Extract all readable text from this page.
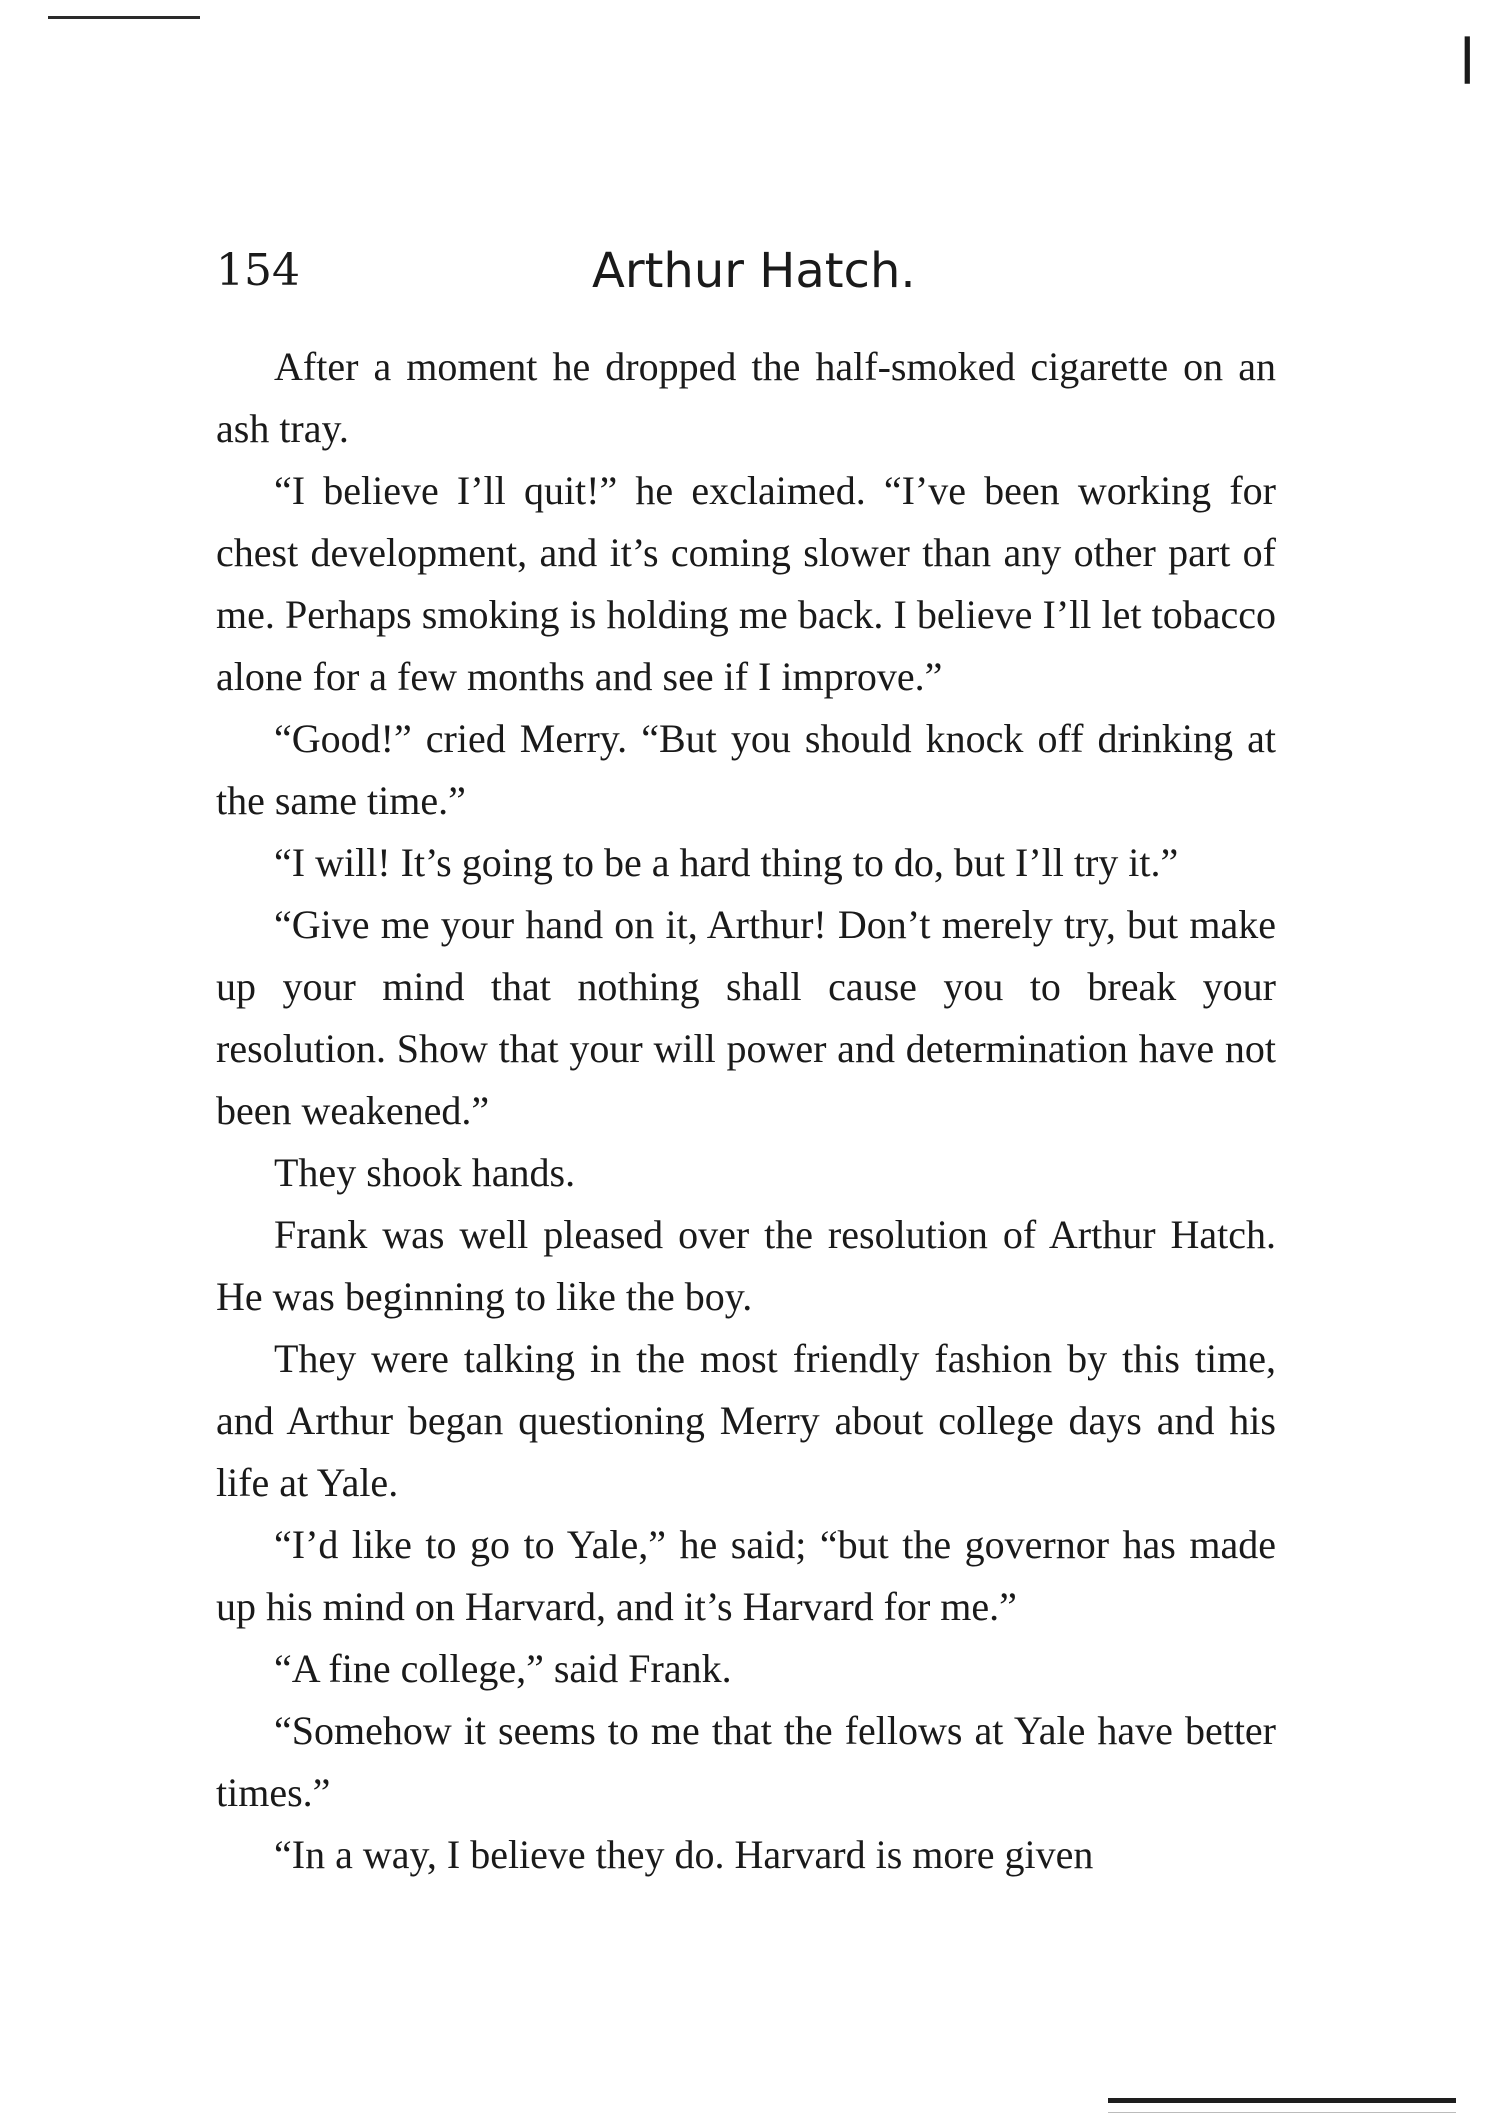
❘
154	Arthur Hatch.

After a moment he dropped the half-smoked cigarette on an ash tray.

“I believe I’ll quit!” he exclaimed. “I’ve been working for chest development, and it’s coming slower than any other part of me. Perhaps smoking is holding me back. I believe I’ll let tobacco alone for a few months and see if I improve.”

“Good!” cried Merry. “But you should knock off drinking at the same time.”

“I will! It’s going to be a hard thing to do, but I’ll try it.”

“Give me your hand on it, Arthur! Don’t merely try, but make up your mind that nothing shall cause you to break your resolution. Show that your will power and determination have not been weakened.”

They shook hands.

Frank was well pleased over the resolution of Arthur Hatch. He was beginning to like the boy.

They were talking in the most friendly fashion by this time, and Arthur began questioning Merry about college days and his life at Yale.

“I’d like to go to Yale,” he said; “but the governor has made up his mind on Harvard, and it’s Harvard for me.”

“A fine college,” said Frank.

“Somehow it seems to me that the fellows at Yale have better times.”

“In a way, I believe they do. Harvard is more given
